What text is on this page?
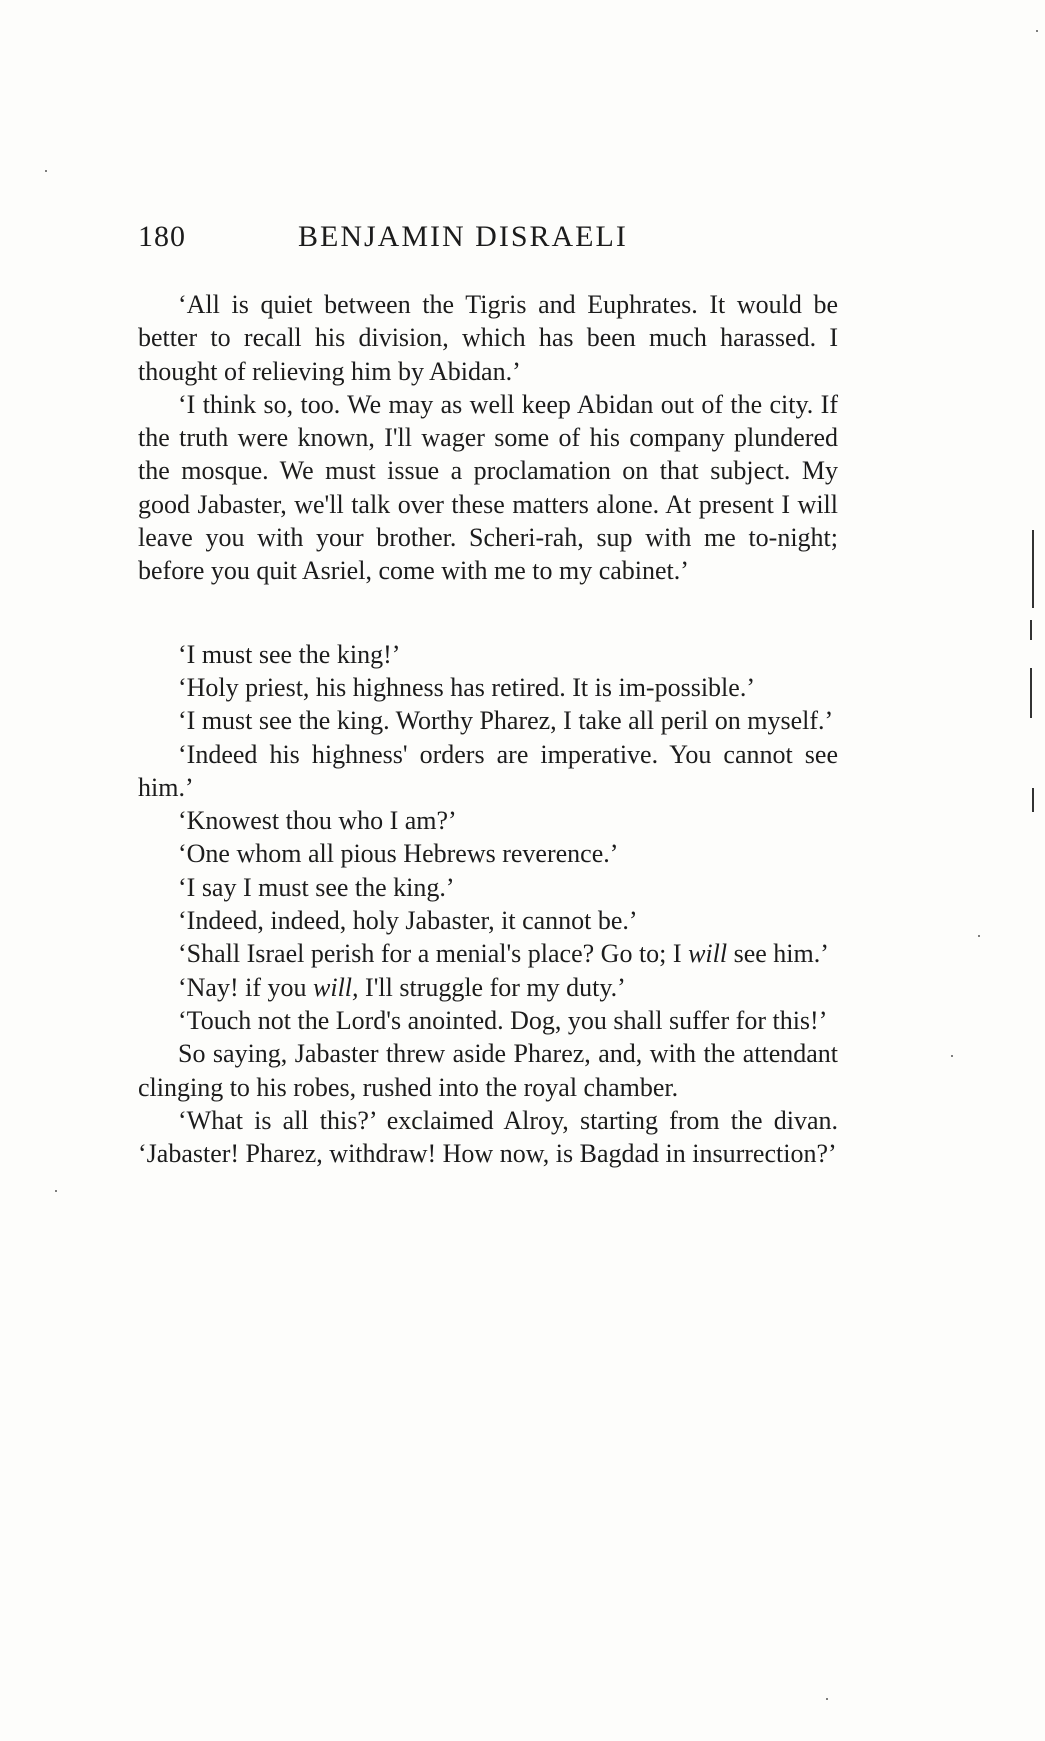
180	BENJAMIN DISRAELI

‘All is quiet between the Tigris and Euphrates. It would be better to recall his division, which has been much harassed. I thought of relieving him by Abidan.’

‘I think so, too. We may as well keep Abidan out of the city. If the truth were known, I'll wager some of his company plundered the mosque. We must issue a proclamation on that subject. My good Jabaster, we'll talk over these matters alone. At present I will leave you with your brother. Scheri-rah, sup with me to-night; before you quit Asriel, come with me to my cabinet.’

‘I must see the king!’

‘Holy priest, his highness has retired. It is im-possible.’

‘I must see the king. Worthy Pharez, I take all peril on myself.’

‘Indeed his highness' orders are imperative. You cannot see him.’

‘Knowest thou who I am?’

‘One whom all pious Hebrews reverence.’

‘I say I must see the king.’

‘Indeed, indeed, holy Jabaster, it cannot be.’

‘Shall Israel perish for a menial's place? Go to; I will see him.’

‘Nay! if you will, I'll struggle for my duty.’

‘Touch not the Lord's anointed. Dog, you shall suffer for this!’

So saying, Jabaster threw aside Pharez, and, with the attendant clinging to his robes, rushed into the royal chamber.

‘What is all this?’ exclaimed Alroy, starting from the divan. ‘Jabaster! Pharez, withdraw! How now, is Bagdad in insurrection?’
